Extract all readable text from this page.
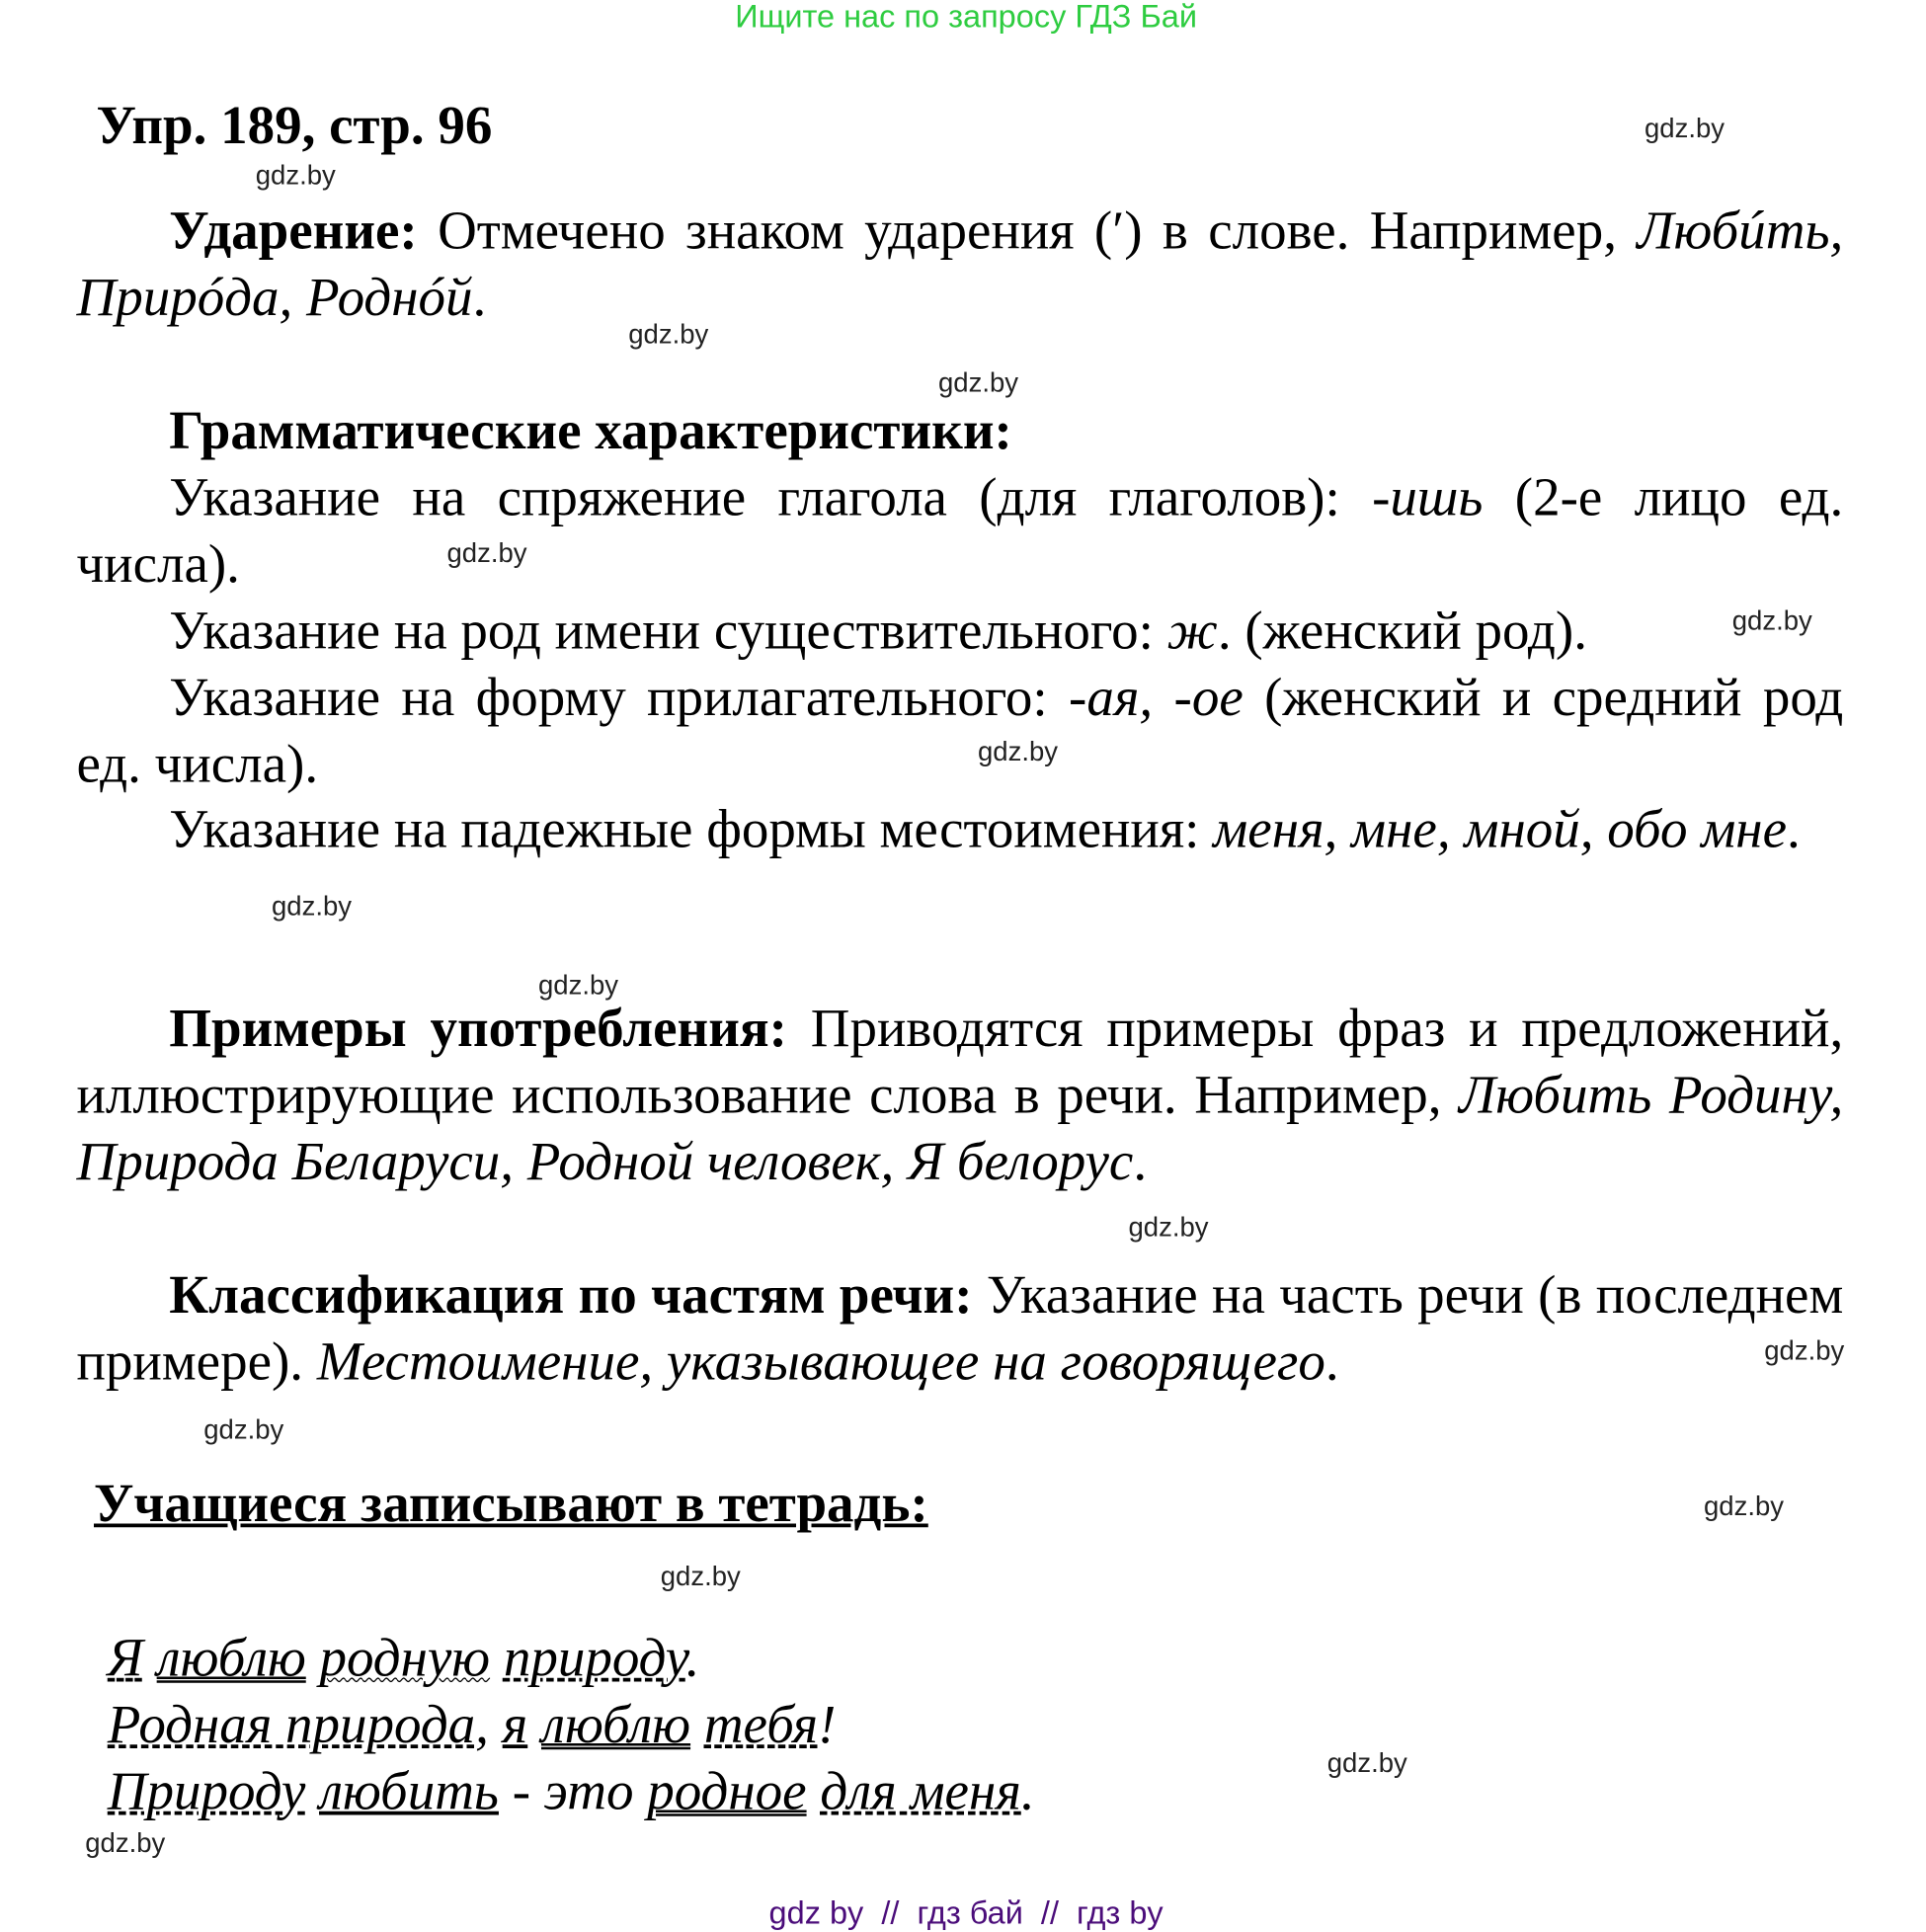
Ищите нас по запросу ГДЗ Бай
Упр. 189, стр. 96

Ударение: Отмечено знаком ударения (′) в слове. Например, Любúть, Прирóда, Роднóй.

Грамматические характеристики:

Указание на спряжение глагола (для глаголов): -ишь (2-е лицо ед. числа).

Указание на род имени существительного: ж. (женский род).

Указание на форму прилагательного: -ая, -ое (женский и средний род ед. числа).

Указание на падежные формы местоимения: меня, мне, мной, обо мне.

Примеры употребления: Приводятся примеры фраз и предложений, иллюстрирующие использование слова в речи. Например, Любить Родину, Природа Беларуси, Родной человек, Я белорус.

Классификация по частям речи: Указание на часть речи (в последнем примере). Местоимение, указывающее на говорящего.

Учащиеся записывают в тетрадь:
Я люблю родную природу.
Родная природа, я люблю тебя!
Природу любить - это родное для меня.
gdz.by
gdz.by
gdz.by
gdz.by
gdz.by
gdz.by
gdz.by
gdz.by
gdz.by
gdz.by
gdz.by
gdz.by
gdz.by
gdz.by
gdz.by
gdz.by
gdz by  //  гдз бай  //  гдз by
